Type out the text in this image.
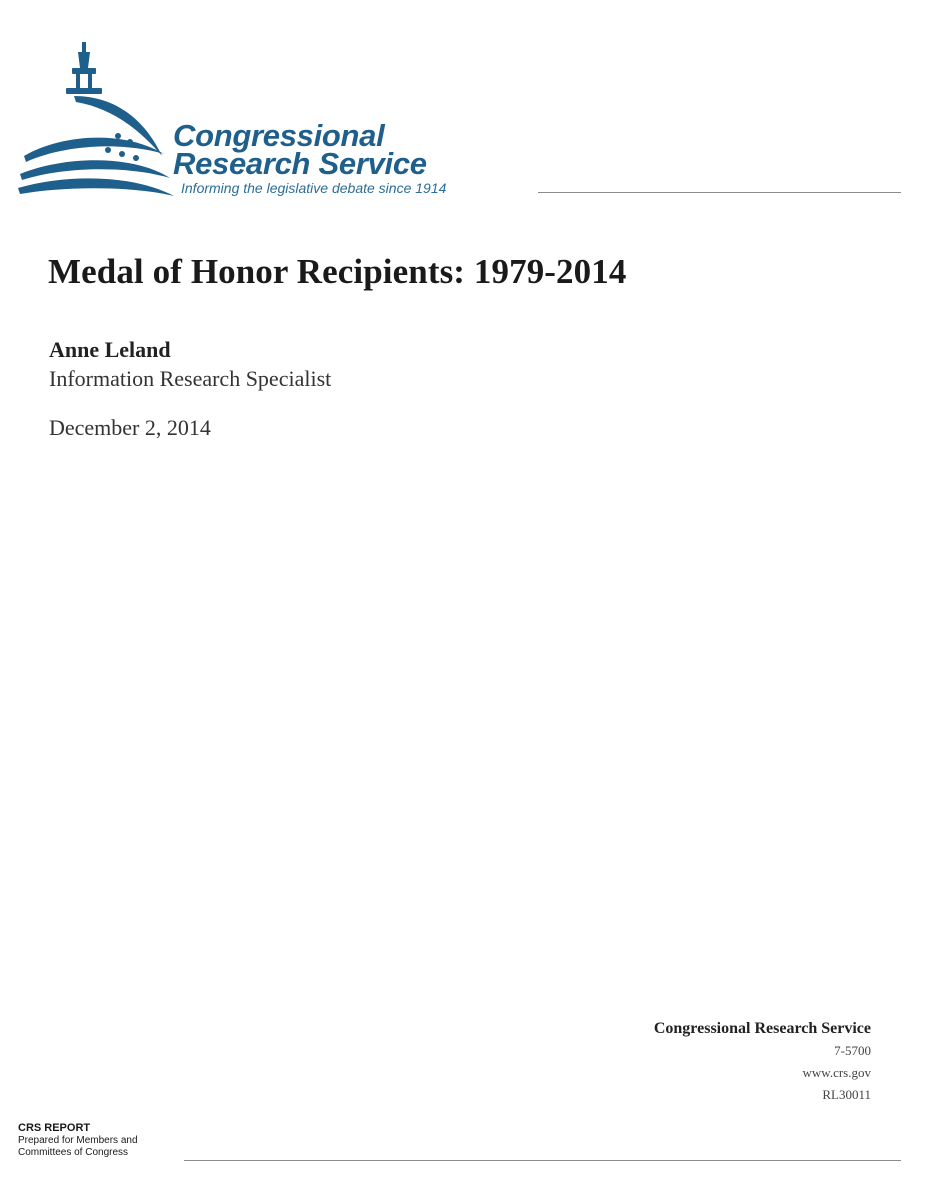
Congressional
Research Service
Informing the legislative debate since 1914
Medal of Honor Recipients: 1979-2014
Anne Leland
Information Research Specialist
December 2, 2014
Congressional Research Service
7-5700
www.crs.gov
RL30011
CRS REPORT
Prepared for Members and
Committees of Congress
